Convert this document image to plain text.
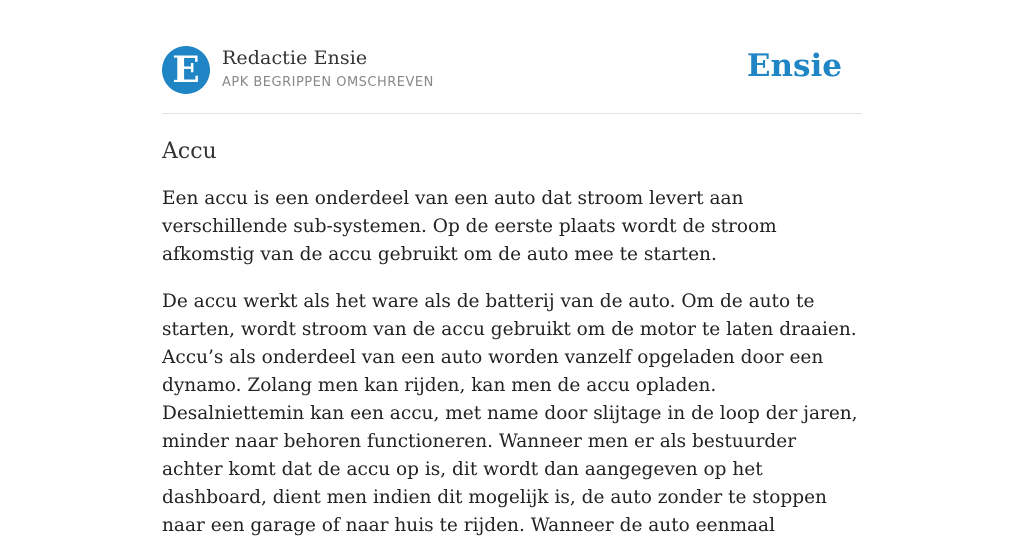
E	Redactie Ensie
APK BEGRIPPEN OMSCHREVEN	Ensie
Accu

Een accu is een onderdeel van een auto dat stroom levert aan verschillende sub-systemen. Op de eerste plaats wordt de stroom afkomstig van de accu gebruikt om de auto mee te starten.

De accu werkt als het ware als de batterij van de auto. Om de auto te starten, wordt stroom van de accu gebruikt om de motor te laten draaien. Accu’s als onderdeel van een auto worden vanzelf opgeladen door een dynamo. Zolang men kan rijden, kan men de accu opladen. Desalniettemin kan een accu, met name door slijtage in de loop der jaren, minder naar behoren functioneren. Wanneer men er als bestuurder achter komt dat de accu op is, dit wordt dan aangegeven op het dashboard, dient men indien dit mogelijk is, de auto zonder te stoppen naar een garage of naar huis te rijden. Wanneer de auto eenmaal
